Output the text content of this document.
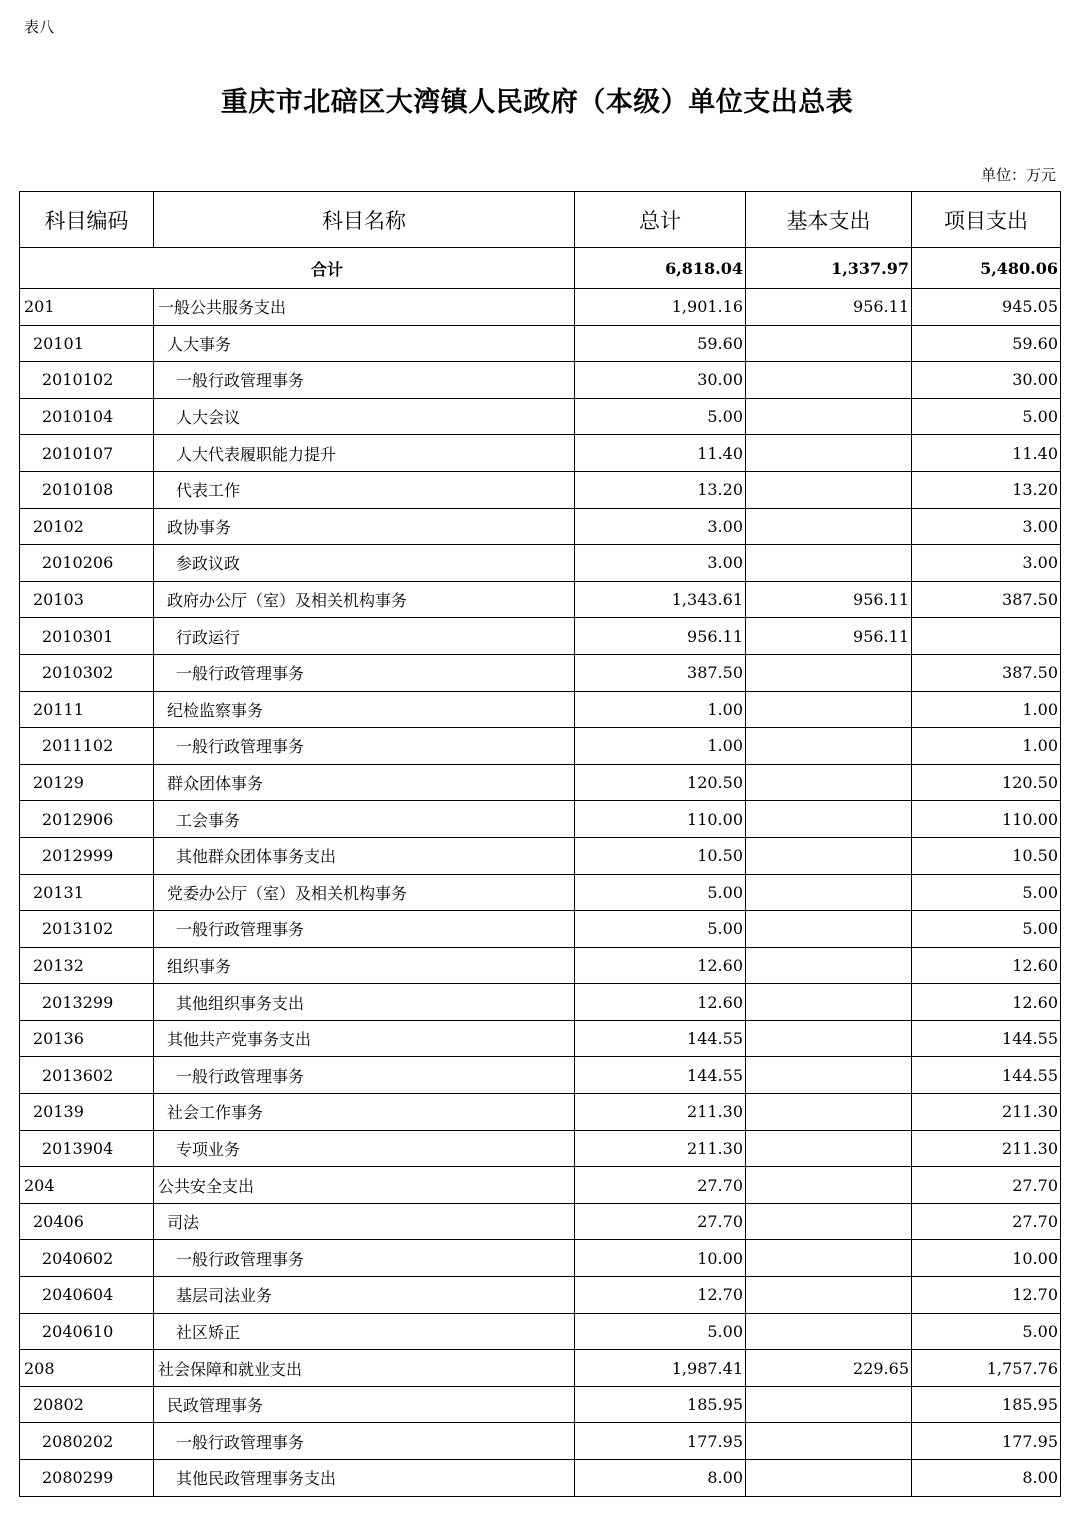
表八
重庆市北碚区大湾镇人民政府（本级）单位支出总表
单位：万元
科目编码	科目名称	总计	基本支出	项目支出
合计		6,818.04	1,337.97	5,480.06
201	一般公共服务支出	1,901.16	956.11	945.05
20101	人大事务	59.60		59.60
2010102	一般行政管理事务	30.00		30.00
2010104	人大会议	5.00		5.00
2010107	人大代表履职能力提升	11.40		11.40
2010108	代表工作	13.20		13.20
20102	政协事务	3.00		3.00
2010206	参政议政	3.00		3.00
20103	政府办公厅（室）及相关机构事务	1,343.61	956.11	387.50
2010301	行政运行	956.11	956.11	
2010302	一般行政管理事务	387.50		387.50
20111	纪检监察事务	1.00		1.00
2011102	一般行政管理事务	1.00		1.00
20129	群众团体事务	120.50		120.50
2012906	工会事务	110.00		110.00
2012999	其他群众团体事务支出	10.50		10.50
20131	党委办公厅（室）及相关机构事务	5.00		5.00
2013102	一般行政管理事务	5.00		5.00
20132	组织事务	12.60		12.60
2013299	其他组织事务支出	12.60		12.60
20136	其他共产党事务支出	144.55		144.55
2013602	一般行政管理事务	144.55		144.55
20139	社会工作事务	211.30		211.30
2013904	专项业务	211.30		211.30
204	公共安全支出	27.70		27.70
20406	司法	27.70		27.70
2040602	一般行政管理事务	10.00		10.00
2040604	基层司法业务	12.70		12.70
2040610	社区矫正	5.00		5.00
208	社会保障和就业支出	1,987.41	229.65	1,757.76
20802	民政管理事务	185.95		185.95
2080202	一般行政管理事务	177.95		177.95
2080299	其他民政管理事务支出	8.00		8.00
